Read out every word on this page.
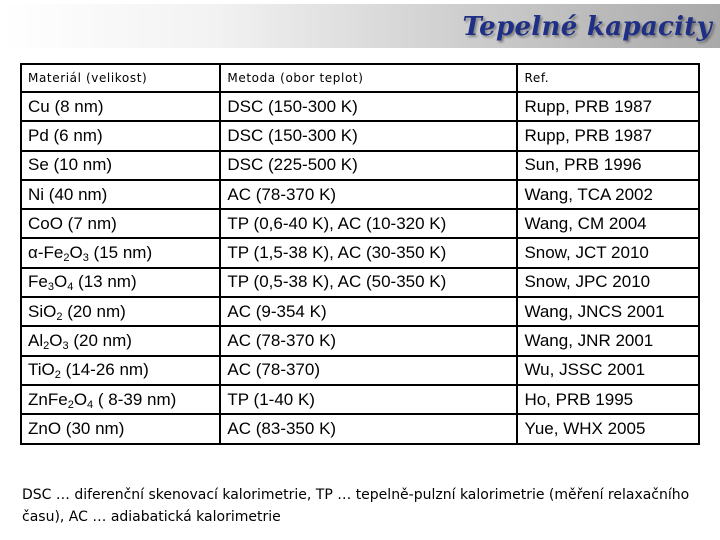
Tepelné kapacity
Materiál (velikost)	Metoda (obor teplot)	Ref.
Cu (8 nm)	DSC (150-300 K)	Rupp, PRB 1987
Pd (6 nm)	DSC (150-300 K)	Rupp, PRB 1987
Se (10 nm)	DSC (225-500 K)	Sun, PRB 1996
Ni (40 nm)	AC (78-370 K)	Wang, TCA 2002
CoO (7 nm)	TP (0,6-40 K), AC (10-320 K)	Wang, CM 2004
$\alpha-Fe_2O_3$ (15 nm)	TP (1,5-38 K), AC (30-350 K)	Snow, JCT 2010
$Fe_3O_4$ (13 nm)	TP (0,5-38 K), AC (50-350 K)	Snow, JPC 2010
SiO$_2$ (20 nm)	AC (9-354 K)	Wang, JNCS 2001
$Al_2O_3$ (20 nm)	AC (78-370 K)	Wang, JNR 2001
TiO$_2$ (14-26 nm)	AC (78-370)	Wu, JSSC 2001
$ZnFe_2O_4$ ( 8-39 nm)	TP (1-40 K)	Ho, PRB 1995
ZnO (30 nm)	AC (83-350 K)	Yue, WHX 2005
DSC … diferenční skenovací kalorimetrie, TP … tepelně-pulzní kalorimetrie (měření relaxačního času), AC … adiabatická kalorimetrie
